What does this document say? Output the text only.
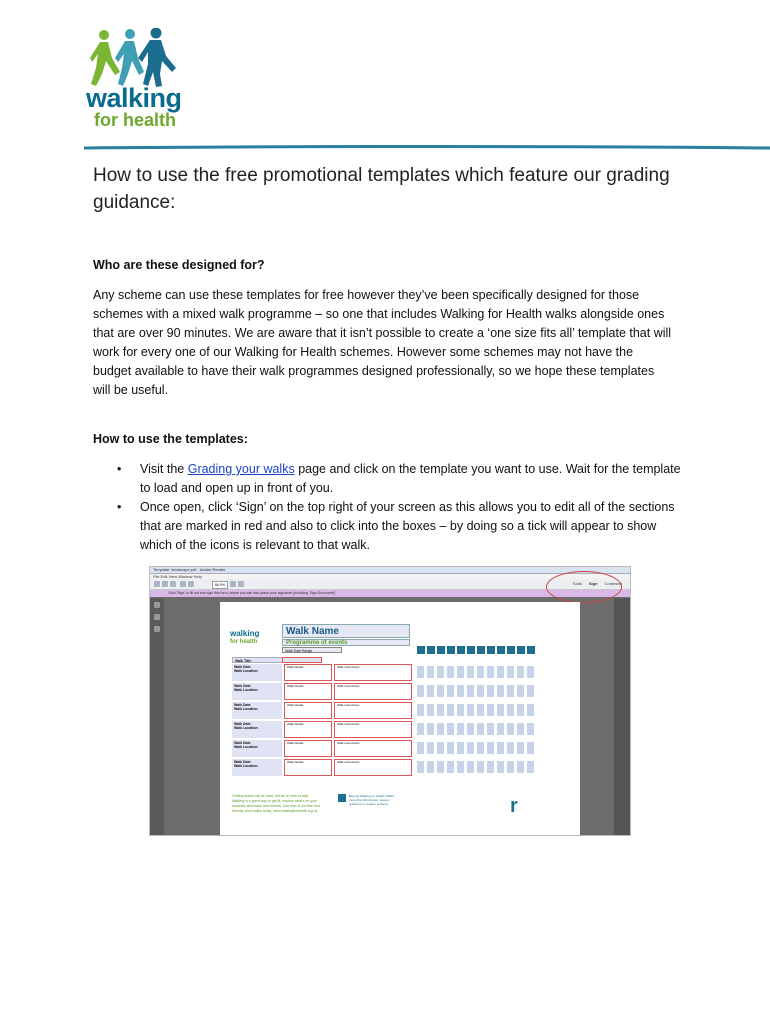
walking
for health
How to use the free promotional templates which feature our grading guidance:
Who are these designed for?
Any scheme can use these templates for free however they’ve been specifically designed for those schemes with a mixed walk programme – so one that includes Walking for Health walks alongside ones that are over 90 minutes. We are aware that it isn’t possible to create a ‘one size fits all’ template that will work for every one of our Walking for Health schemes. However some schemes may not have the budget available to have their walk programmes designed professionally, so we hope these templates will be useful.
How to use the templates:
• Visit the Grading your walks page and click on the template you want to use. Wait for the template to load and open up in front of you.
• Once open, click ‘Sign’ on the top right of your screen as this allows you to edit all of the sections that are marked in red and also to click into the boxes – by doing so a tick will appear to show which of the icons is relevant to that walk.
Template: landscape.pdf - Adobe Reader
File Edit View Window Help
86.9%	Tools Sign Comment
Click 'Sign' to fill out and sign this form, where you can also place your signature (including 'Sign Document')
walking
for health
Walk Name
Programme of events
Walk Date Range
Walk Title
Walk Date
Walk Location
Walk Details	Walk instructions
Walk Date
Walk Location
Walk Details	Walk instructions
Walk Date
Walk Location
Walk Details	Walk instructions
Walk Date
Walk Location
Walk Details	Walk instructions
Walk Date
Walk Location
Walk Details	Walk instructions
Walk Date
Walk Location
Walk Details	Walk instructions
Getting active can be hard, but we're here to help. Walking is a great way to get fit, explore what's on your doorstep and make new friends. Join one of our free and friendly short walks today. www.walkingforhealth.org.uk
Beyond Walking for Health: Walks more than 90 minutes, steeper gradients or rougher surfaces.	r
